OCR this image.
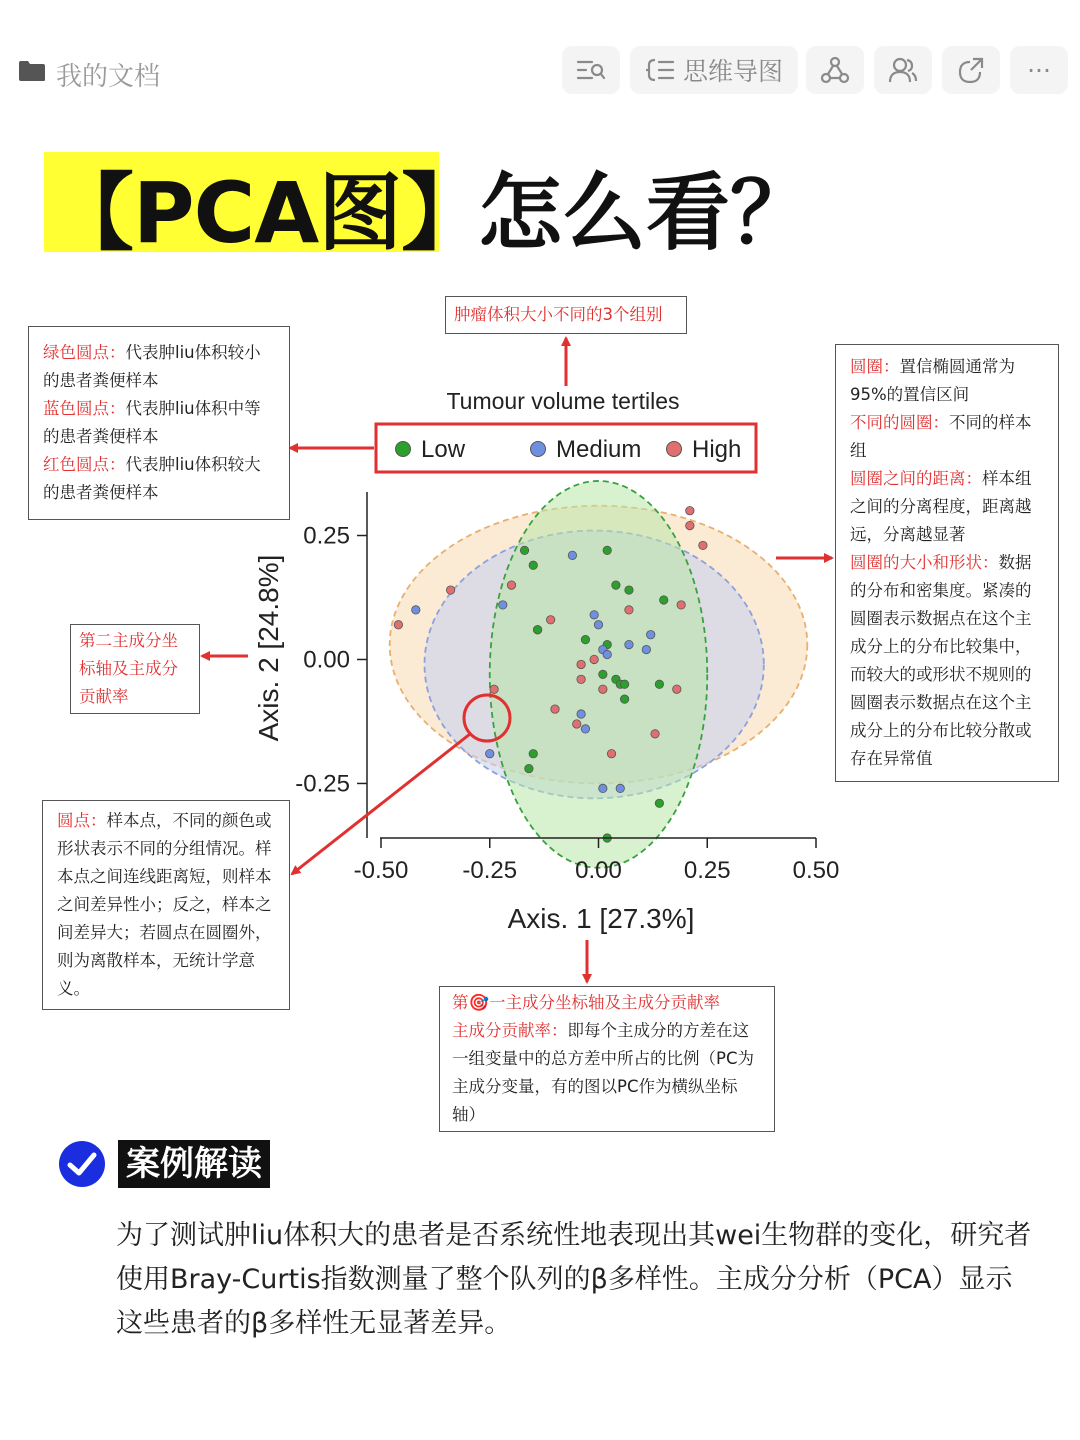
我的文档	思维导图	···
【PCA图】
怎么看？
-0.50 -0.25 0.00	0.25	0.50
0.25
0.00
-0.25
Tumour volume tertiles
Low	Medium High
Axis. 1 [27.3%]
Axis. 2 [24.8%]

绿色圆点：代表肿liu体积较小的患者粪便样本

蓝色圆点：代表肿liu体积中等的患者粪便样本

红色圆点：代表肿liu体积较大的患者粪便样本

肿瘤体积大小不同的3个组别

圆圈：置信椭圆通常为95%的置信区间

不同的圆圈：不同的样本组

圆圈之间的距离：样本组之间的分离程度，距离越远，分离越显著

圆圈的大小和形状：数据的分布和密集度。紧凑的圆圈表示数据点在这个主成分上的分布比较集中，而较大的或形状不规则的圆圈表示数据点在这个主成分上的分布比较分散或存在异常值

第二主成分坐标轴及主成分贡献率

圆点：样本点，不同的颜色或形状表示不同的分组情况。样本点之间连线距离短，则样本之间差异性小；反之，样本之间差异大；若圆点在圆圈外，则为离散样本，无统计学意义。

第🎯一主成分坐标轴及主成分贡献率

主成分贡献率：即每个主成分的方差在这一组变量中的总方差中所占的比例（PC为主成分变量，有的图以PC作为横纵坐标轴）

案例解读
为了测试肿liu体积大的患者是否系统性地表现出其wei生物群的变化，研究者使用Bray-Curtis指数测量了整个队列的β多样性。主成分分析（PCA）显示这些患者的β多样性无显著差异。
